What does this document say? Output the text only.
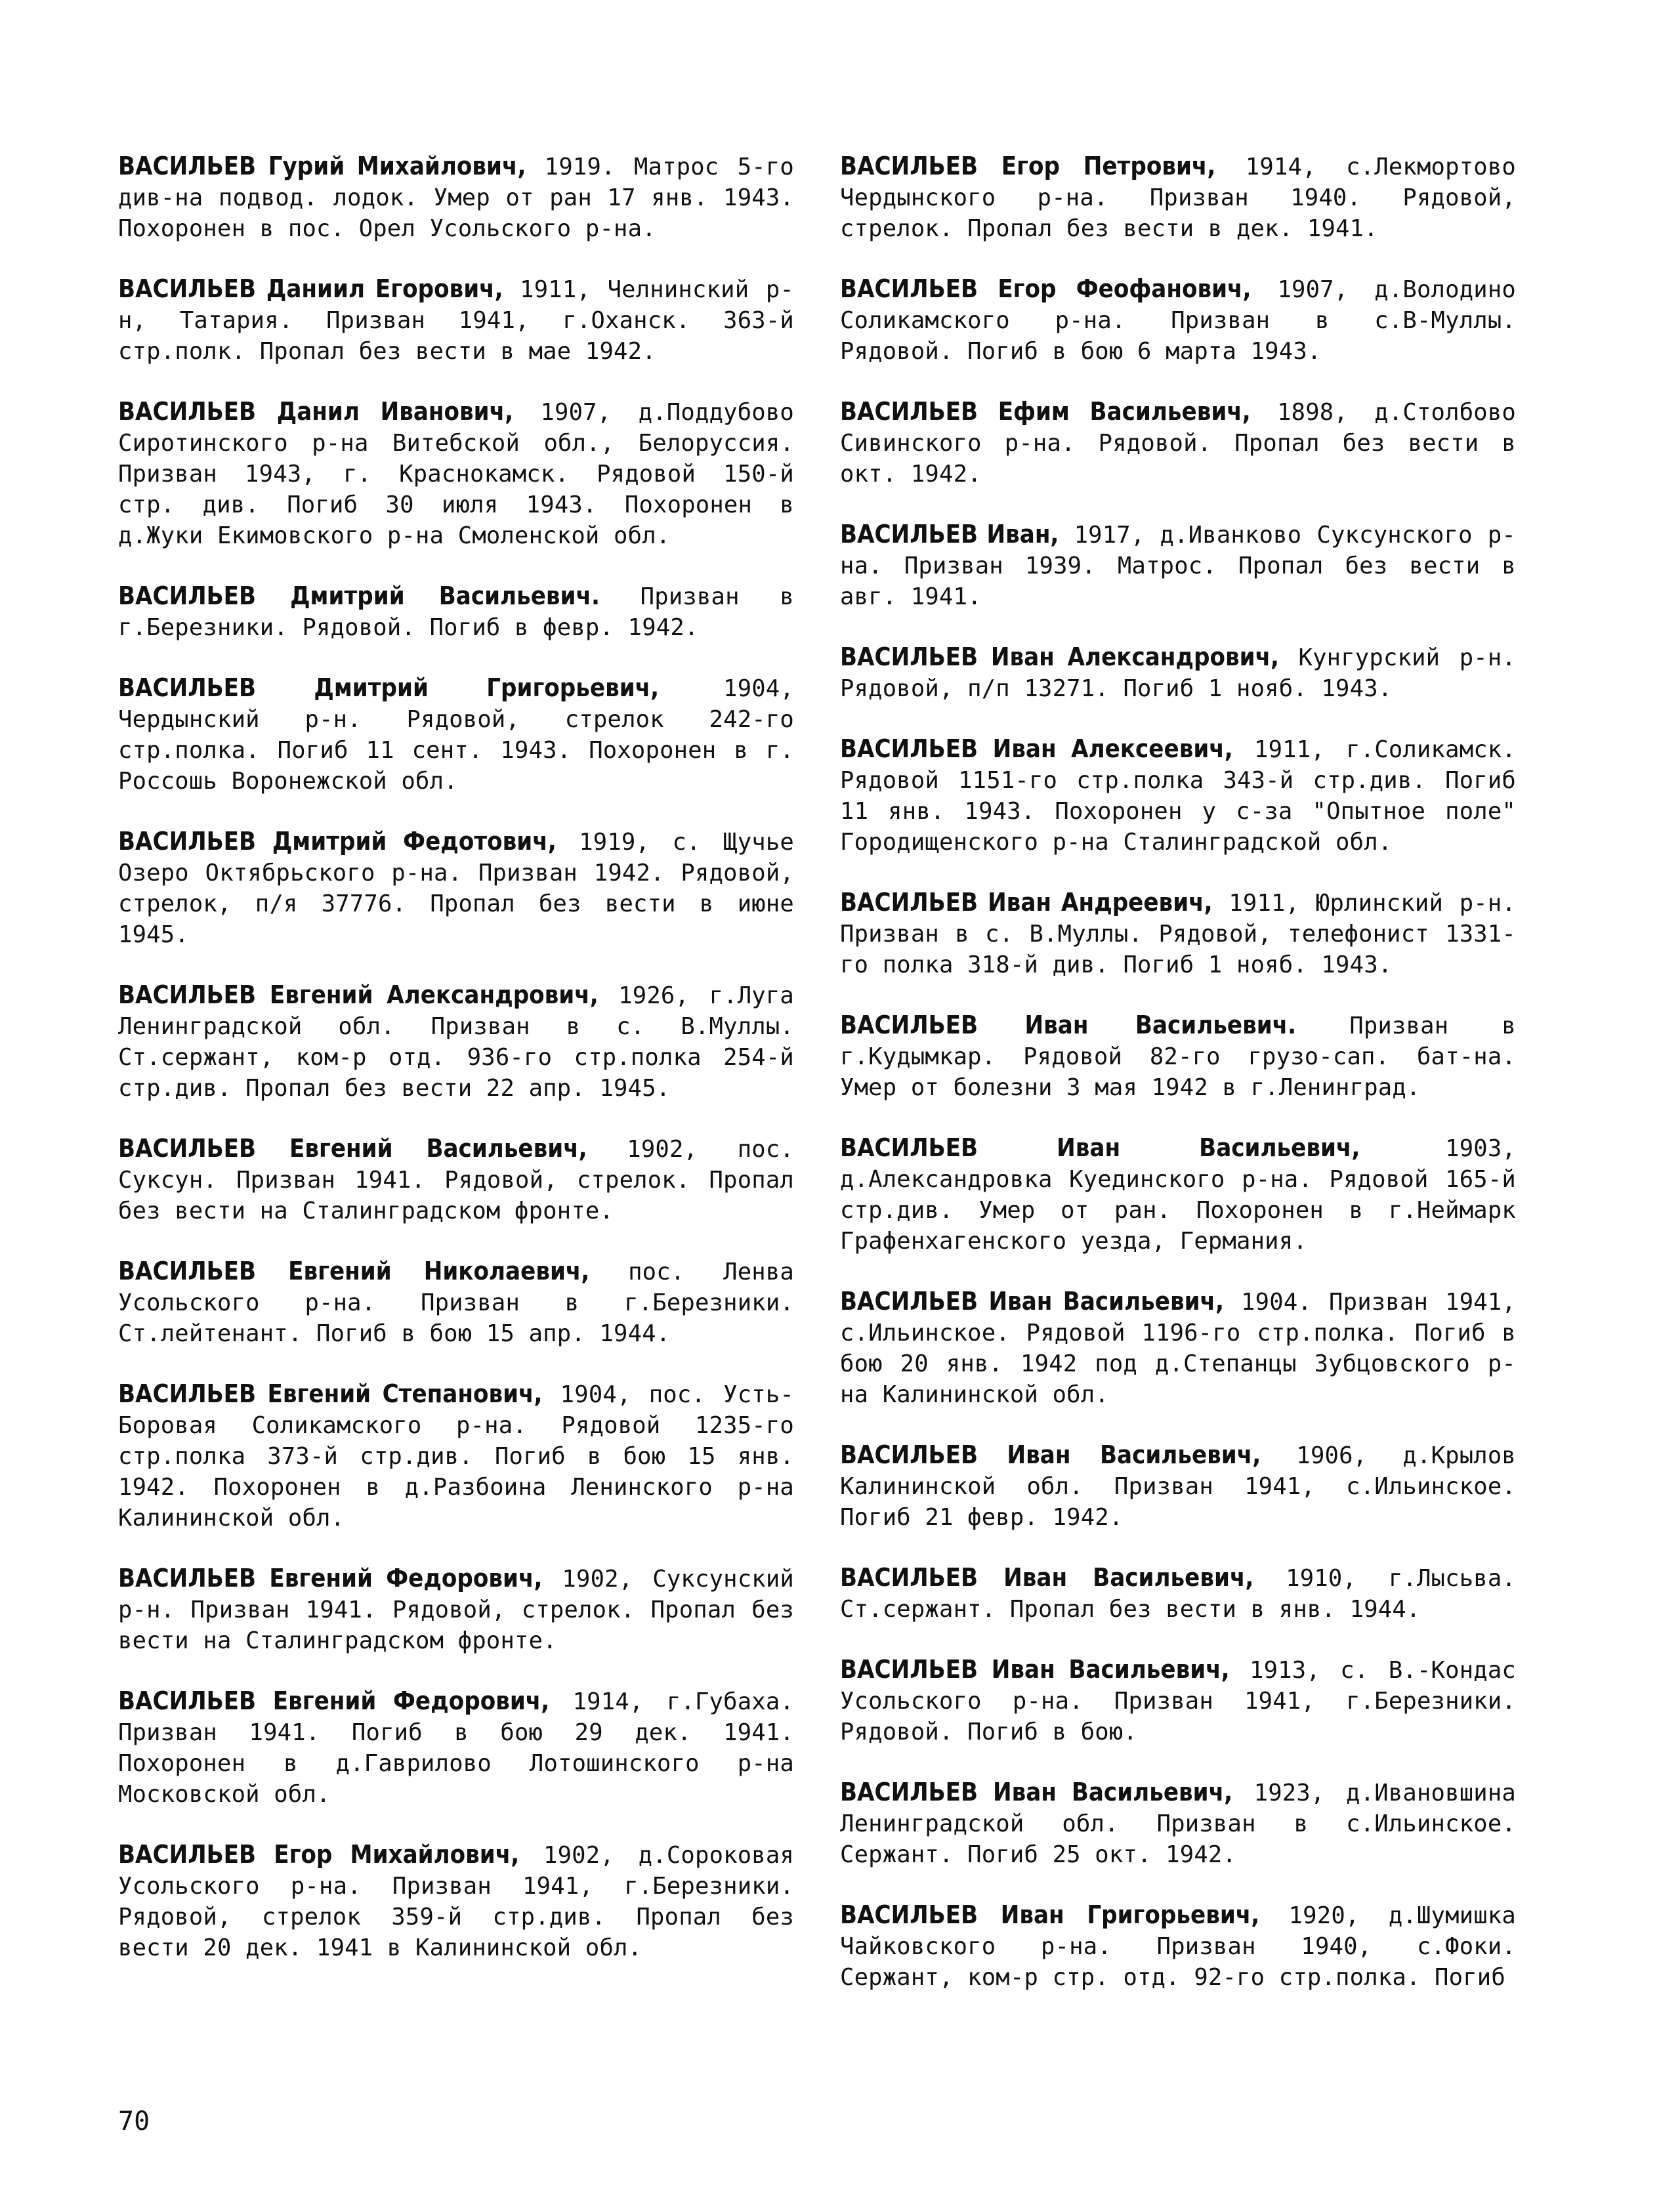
ВАСИЛЬЕВ Гурий Михайлович, 1919. Матрос 5-го див-на подвод. лодок. Умер от ран 17 янв. 1943. Похоронен в пос. Орел Усольского р-на.

ВАСИЛЬЕВ Даниил Егорович, 1911, Челнинский р-н, Татария. Призван 1941, г.Оханск. 363-й стр.полк. Пропал без вести в мае 1942.

ВАСИЛЬЕВ Данил Иванович, 1907, д.Поддубово Сиротинского р-на Витебской обл., Белоруссия. Призван 1943, г. Краснокамск. Рядовой 150-й стр. див. Погиб 30 июля 1943. Похоронен в д.Жуки Екимовского р-на Смоленской обл.

ВАСИЛЬЕВ Дмитрий Васильевич. Призван в г.Березники. Рядовой. Погиб в февр. 1942.

ВАСИЛЬЕВ Дмитрий Григорьевич, 1904, Чердынский р-н. Рядовой, стрелок 242-го стр.полка. Погиб 11 сент. 1943. Похоронен в г. Россошь Воронежской обл.

ВАСИЛЬЕВ Дмитрий Федотович, 1919, с. Щучье Озеро Октябрьского р-на. Призван 1942. Рядовой, стрелок, п/я 37776. Пропал без вести в июне 1945.

ВАСИЛЬЕВ Евгений Александрович, 1926, г.Луга Ленинградской обл. Призван в с. В.Муллы. Ст.сержант, ком-р отд. 936-го стр.полка 254-й стр.див. Пропал без вести 22 апр. 1945.

ВАСИЛЬЕВ Евгений Васильевич, 1902, пос. Суксун. Призван 1941. Рядовой, стрелок. Пропал без вести на Сталинградском фронте.

ВАСИЛЬЕВ Евгений Николаевич, пос. Ленва Усольского р-на. Призван в г.Березники. Ст.лейтенант. Погиб в бою 15 апр. 1944.

ВАСИЛЬЕВ Евгений Степанович, 1904, пос. Усть-Боровая Соликамского р-на. Рядовой 1235-го стр.полка 373-й стр.див. Погиб в бою 15 янв. 1942. Похоронен в д.Разбоина Ленинского р-на Калининской обл.

ВАСИЛЬЕВ Евгений Федорович, 1902, Суксунский р-н. Призван 1941. Рядовой, стрелок. Пропал без вести на Сталинградском фронте.

ВАСИЛЬЕВ Евгений Федорович, 1914, г.Губаха. Призван 1941. Погиб в бою 29 дек. 1941. Похоронен в д.Гаврилово Лотошинского р-на Московской обл.

ВАСИЛЬЕВ Егор Михайлович, 1902, д.Сороковая Усольского р-на. Призван 1941, г.Березники. Рядовой, стрелок 359-й стр.див. Пропал без вести 20 дек. 1941 в Калининской обл.

ВАСИЛЬЕВ Егор Петрович, 1914, с.Лекмортово Чердынского р-на. Призван 1940. Рядовой, стрелок. Пропал без вести в дек. 1941.

ВАСИЛЬЕВ Егор Феофанович, 1907, д.Володино Соликамского р-на. Призван в с.В-Муллы. Рядовой. Погиб в бою 6 марта 1943.

ВАСИЛЬЕВ Ефим Васильевич, 1898, д.Столбово Сивинского р-на. Рядовой. Пропал без вести в окт. 1942.

ВАСИЛЬЕВ Иван, 1917, д.Иванково Суксунского р-на. Призван 1939. Матрос. Пропал без вести в авг. 1941.

ВАСИЛЬЕВ Иван Александрович, Кунгурский р-н. Рядовой, п/п 13271. Погиб 1 нояб. 1943.

ВАСИЛЬЕВ Иван Алексеевич, 1911, г.Соликамск. Рядовой 1151-го стр.полка 343-й стр.див. Погиб 11 янв. 1943. Похоронен у с-за "Опытное поле" Городищенского р-на Сталинградской обл.

ВАСИЛЬЕВ Иван Андреевич, 1911, Юрлинский р-н. Призван в с. В.Муллы. Рядовой, телефонист 1331-го полка 318-й див. Погиб 1 нояб. 1943.

ВАСИЛЬЕВ Иван Васильевич. Призван в г.Кудымкар. Рядовой 82-го грузо-сап. бат-на. Умер от болезни 3 мая 1942 в г.Ленинград.

ВАСИЛЬЕВ Иван Васильевич, 1903, д.Александровка Куединского р-на. Рядовой 165-й стр.див. Умер от ран. Похоронен в г.Неймарк Графенхагенского уезда, Германия.

ВАСИЛЬЕВ Иван Васильевич, 1904. Призван 1941, с.Ильинское. Рядовой 1196-го стр.полка. Погиб в бою 20 янв. 1942 под д.Степанцы Зубцовского р-на Калининской обл.

ВАСИЛЬЕВ Иван Васильевич, 1906, д.Крылов Калининской обл. Призван 1941, с.Ильинское. Погиб 21 февр. 1942.

ВАСИЛЬЕВ Иван Васильевич, 1910, г.Лысьва. Ст.сержант. Пропал без вести в янв. 1944.

ВАСИЛЬЕВ Иван Васильевич, 1913, с. В.-Кондас Усольского р-на. Призван 1941, г.Березники. Рядовой. Погиб в бою.

ВАСИЛЬЕВ Иван Васильевич, 1923, д.Ивановшина Ленинградской обл. Призван в с.Ильинское. Сержант. Погиб 25 окт. 1942.

ВАСИЛЬЕВ Иван Григорьевич, 1920, д.Шумишка Чайковского р-на. Призван 1940, с.Фоки. Сержант, ком-р стр. отд. 92-го стр.полка. Погиб

70
